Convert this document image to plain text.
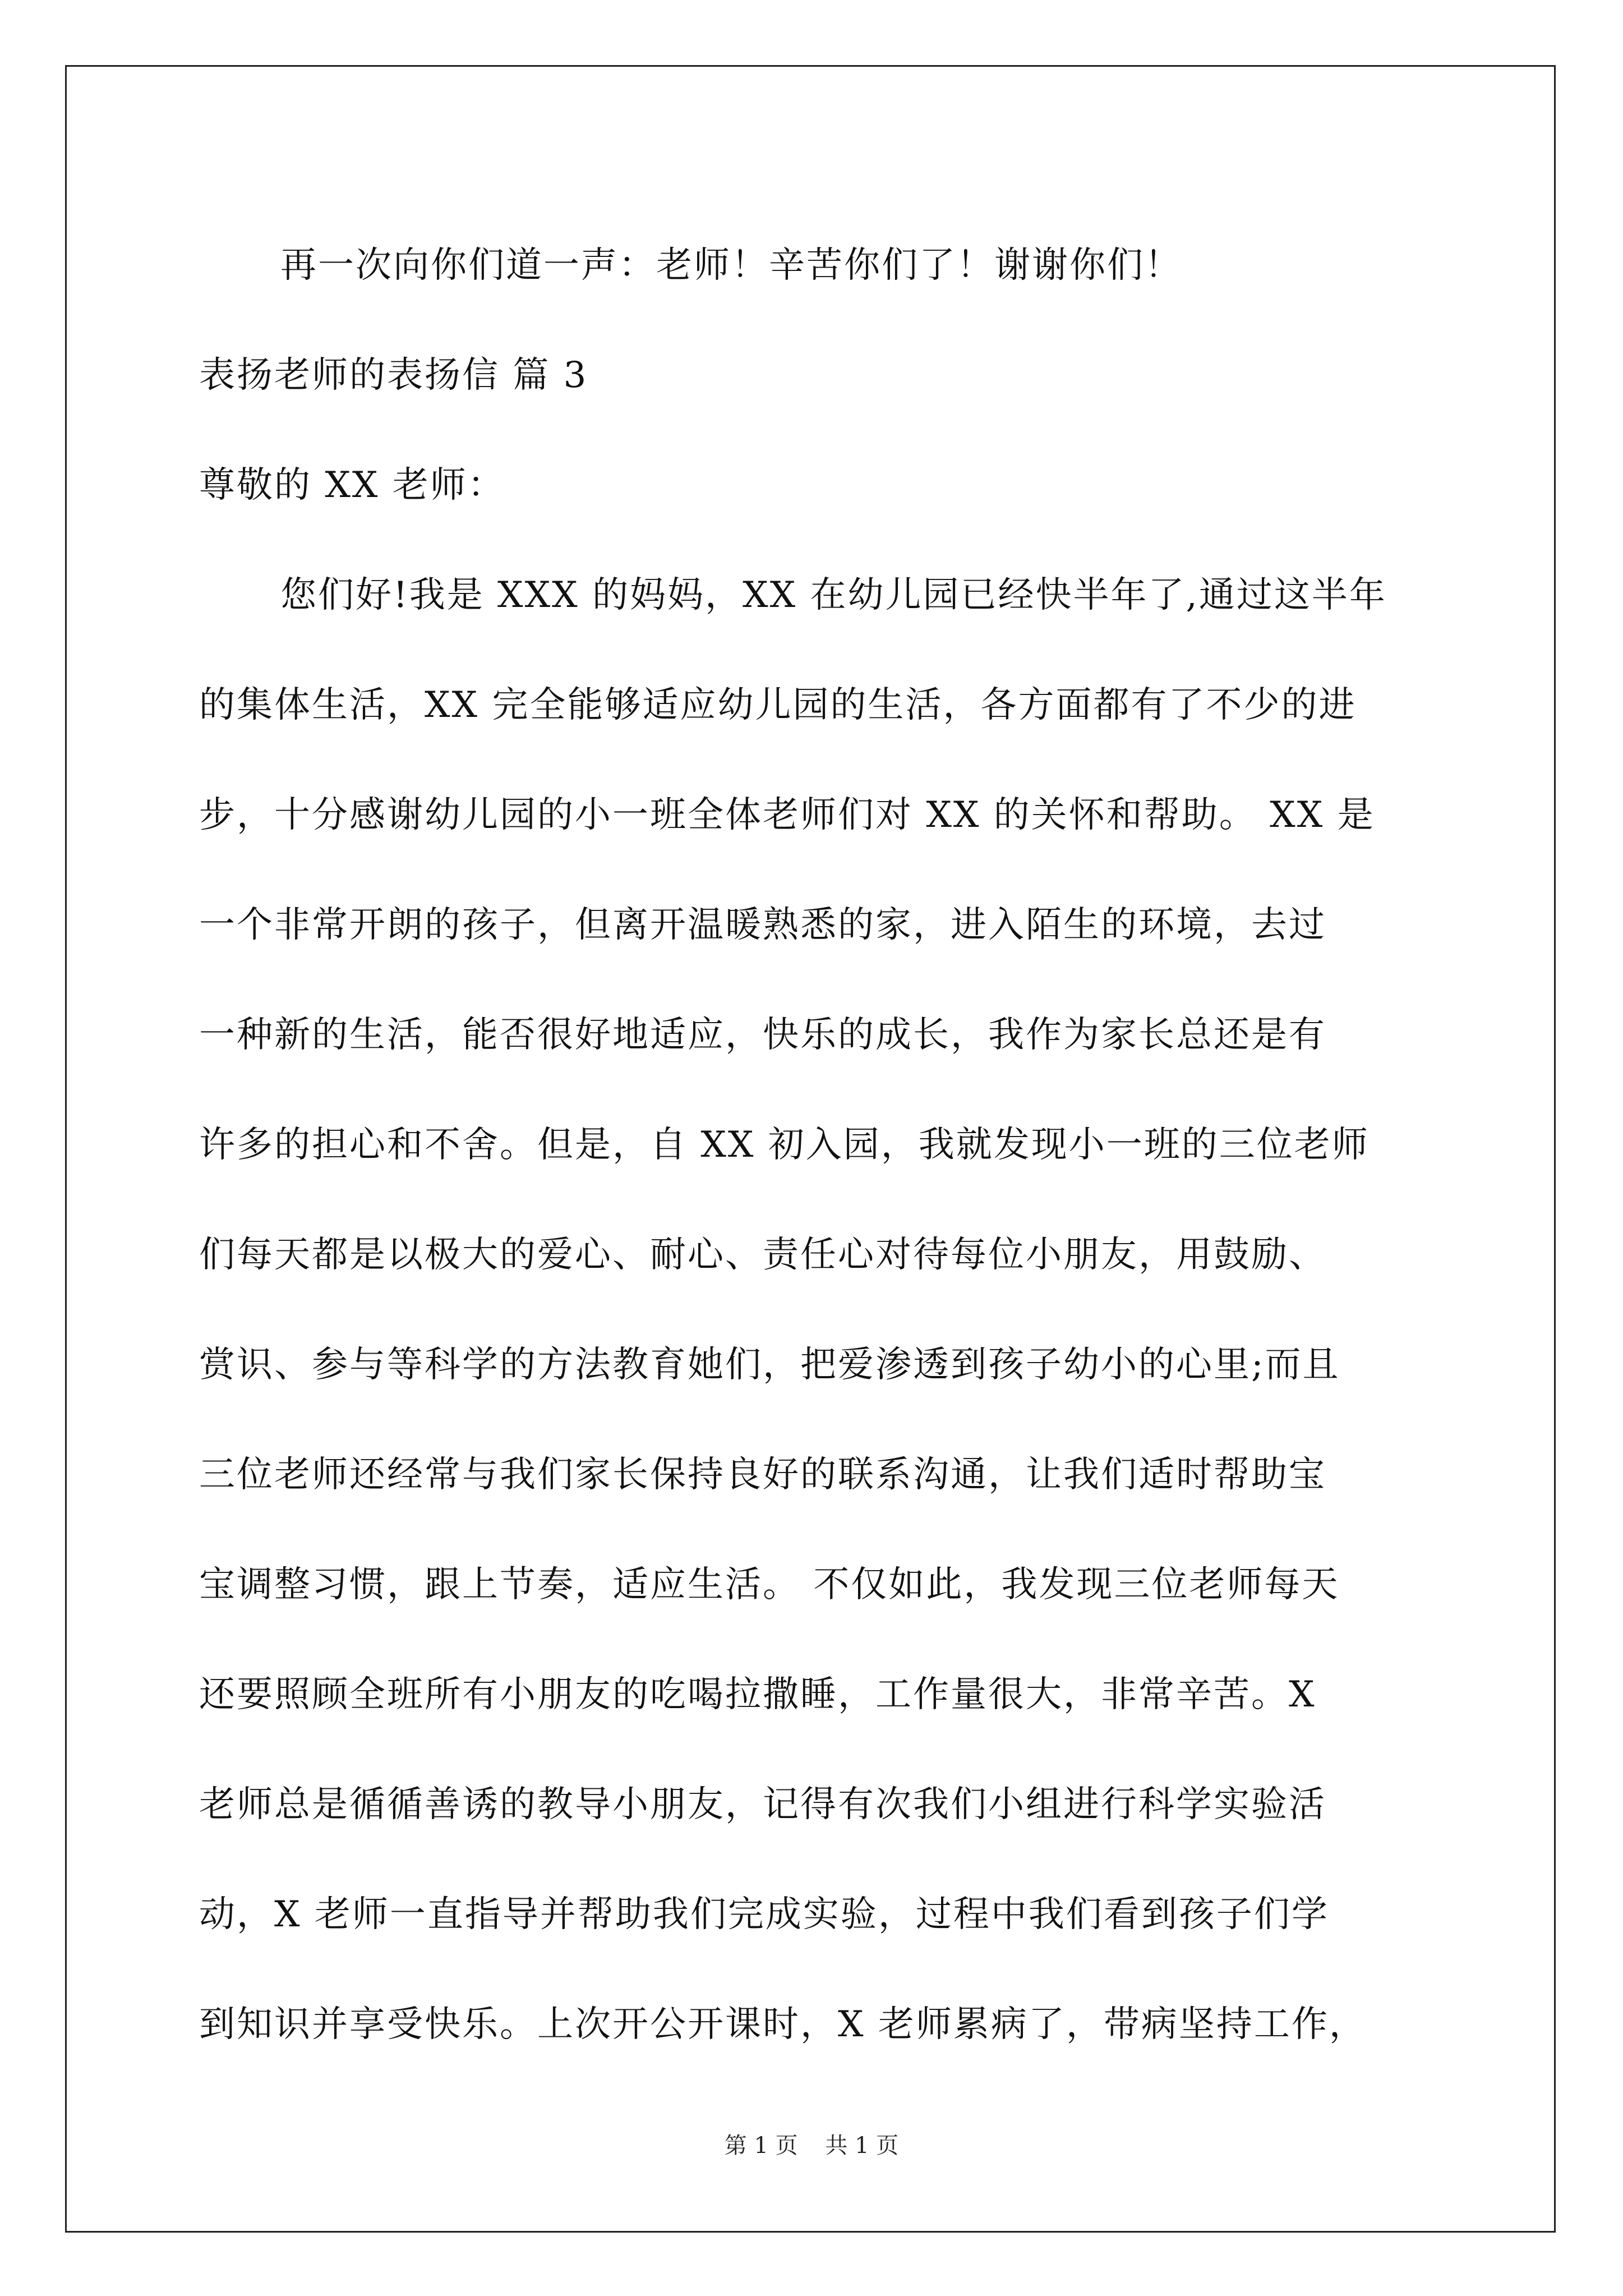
再一次向你们道一声：老师！辛苦你们了！谢谢你们！

表扬老师的表扬信 篇 3

尊敬的 XX 老师：

您们好!我是 XXX 的妈妈，XX 在幼儿园已经快半年了,通过这半年

的集体生活，XX 完全能够适应幼儿园的生活，各方面都有了不少的进

步，十分感谢幼儿园的小一班全体老师们对 XX 的关怀和帮助。 XX 是

一个非常开朗的孩子，但离开温暖熟悉的家，进入陌生的环境，去过

一种新的生活，能否很好地适应，快乐的成长，我作为家长总还是有

许多的担心和不舍。但是，自 XX 初入园，我就发现小一班的三位老师

们每天都是以极大的爱心、耐心、责任心对待每位小朋友，用鼓励、

赏识、参与等科学的方法教育她们，把爱渗透到孩子幼小的心里;而且

三位老师还经常与我们家长保持良好的联系沟通，让我们适时帮助宝

宝调整习惯，跟上节奏，适应生活。 不仅如此，我发现三位老师每天

还要照顾全班所有小朋友的吃喝拉撒睡，工作量很大，非常辛苦。X

老师总是循循善诱的教导小朋友，记得有次我们小组进行科学实验活

动，X 老师一直指导并帮助我们完成实验，过程中我们看到孩子们学

到知识并享受快乐。上次开公开课时，X 老师累病了，带病坚持工作，

第 1 页 共 1 页
